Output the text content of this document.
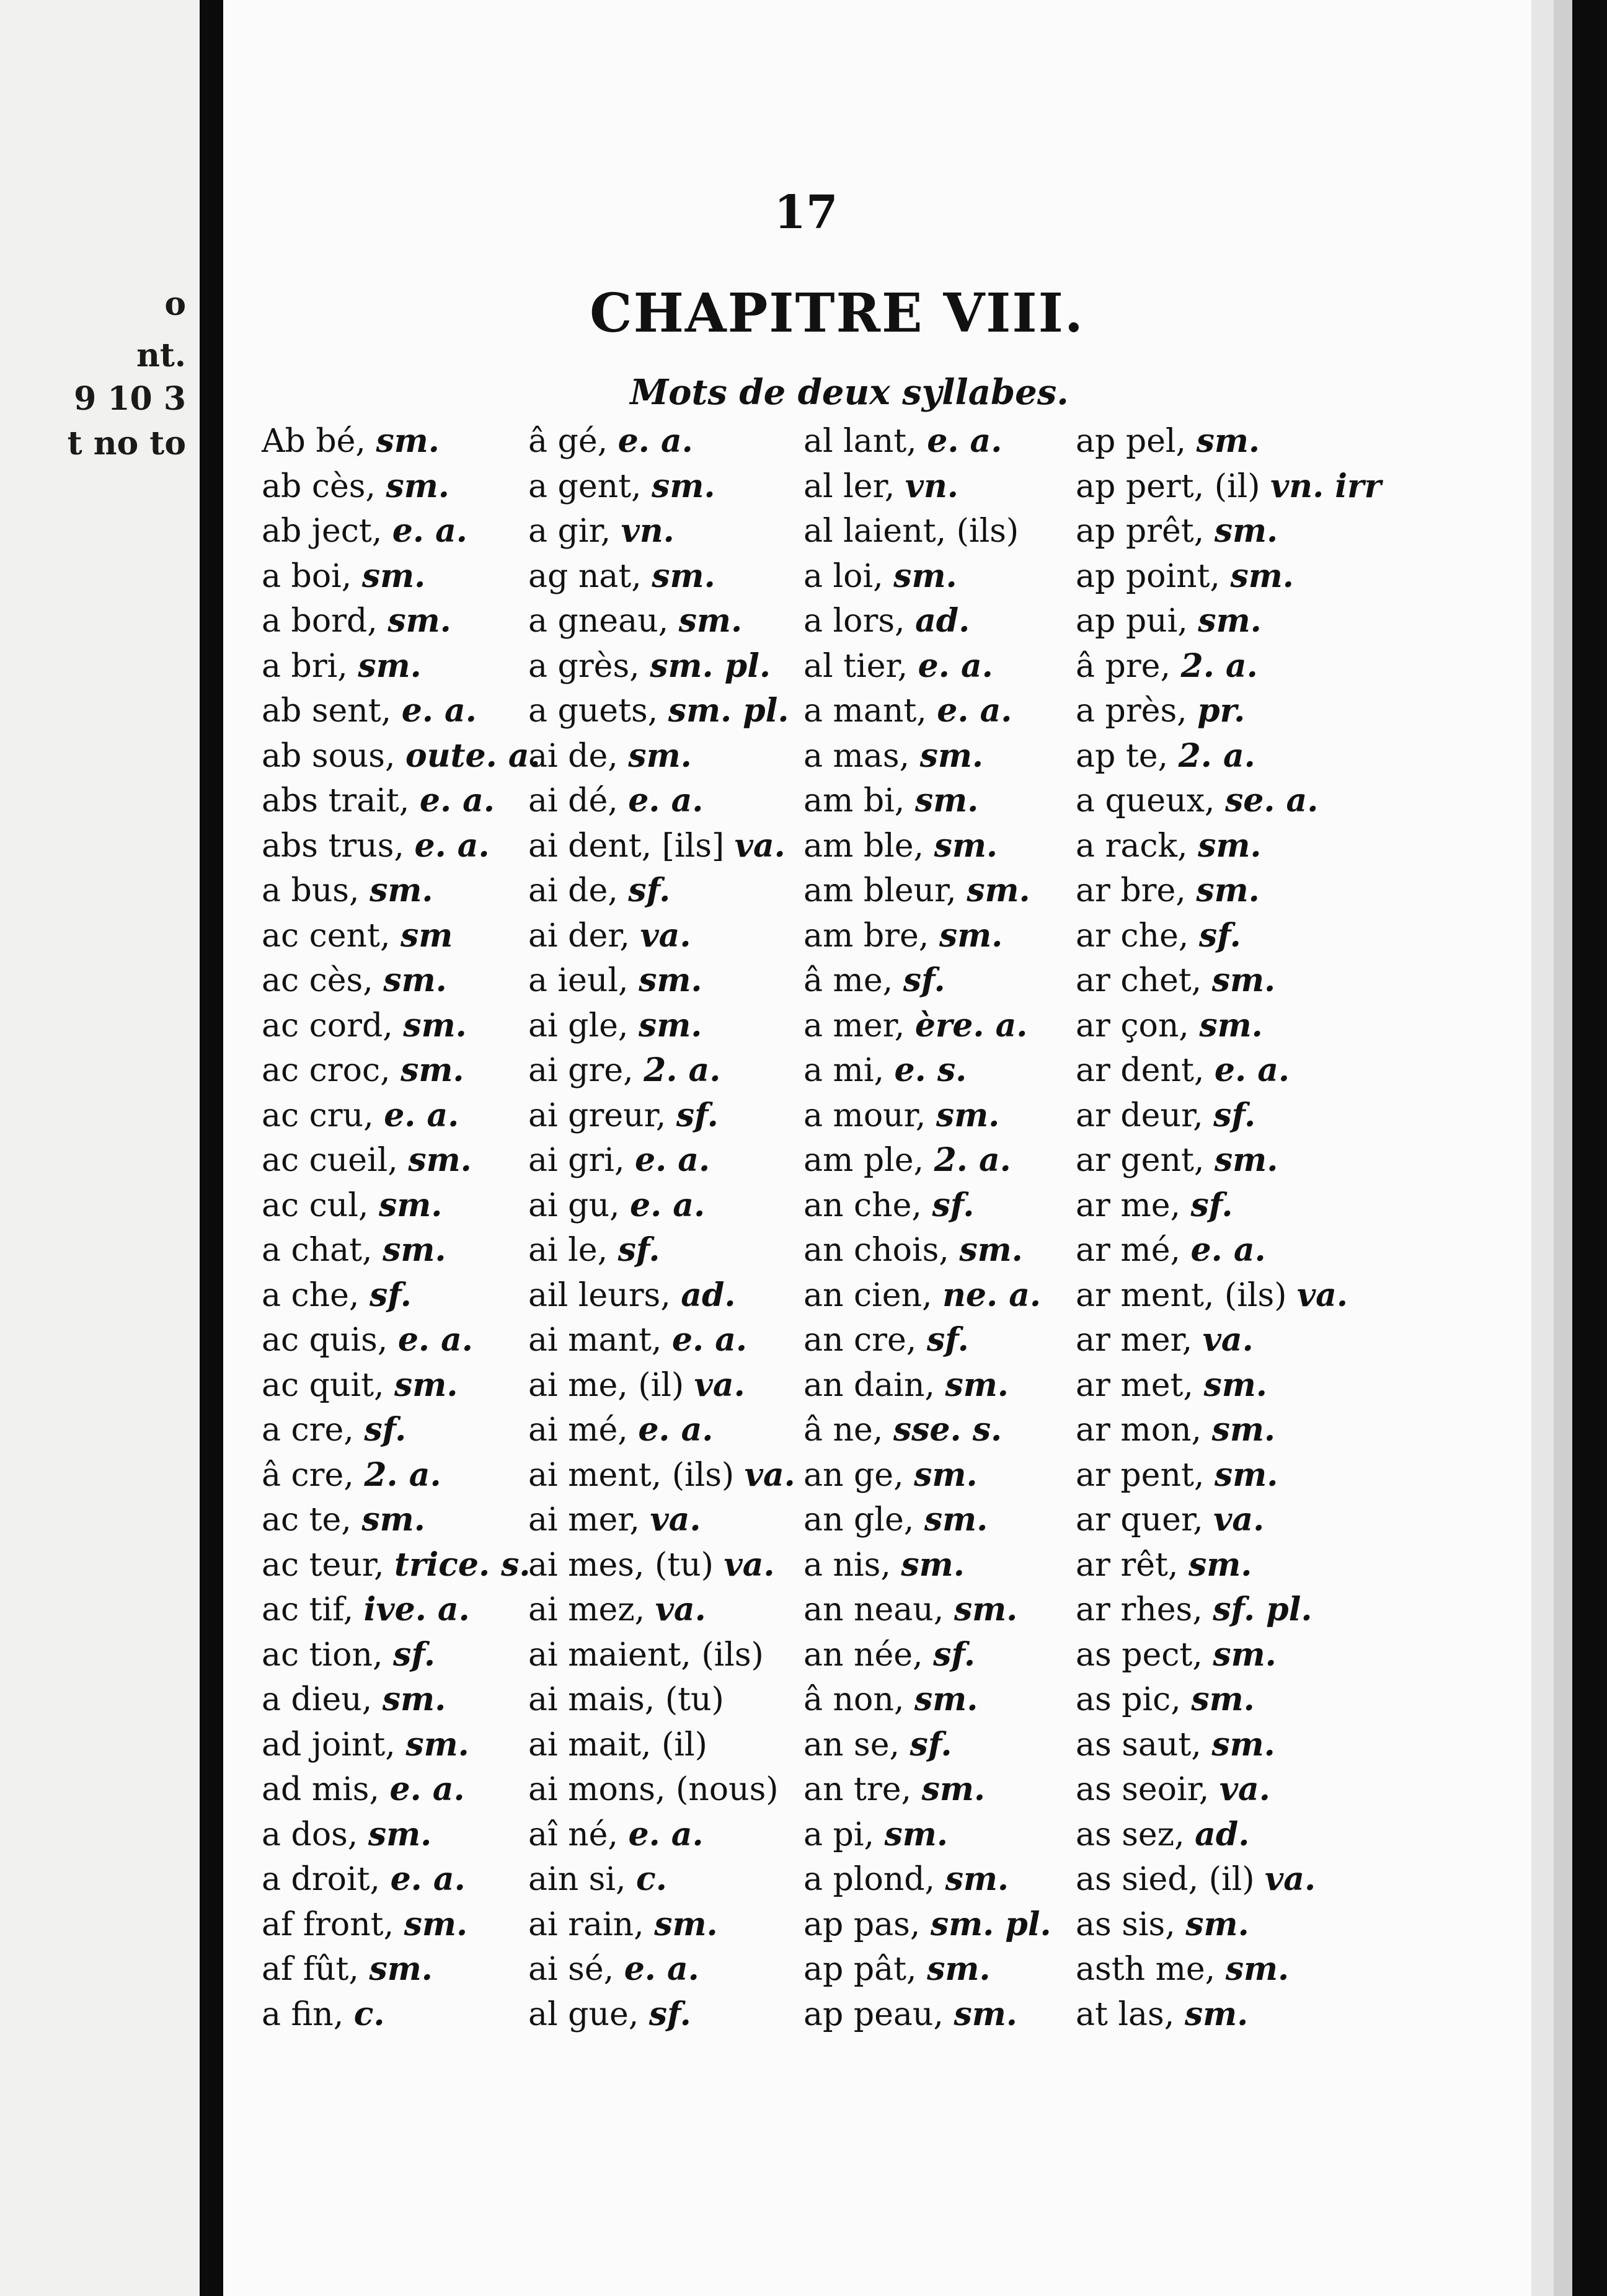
o
nt.
9 10 3
t no to
17
CHAPITRE VIII.
Mots de deux syllabes.
Ab bé, sm.
ab cès, sm.
ab ject, e. a.
a boi, sm.
a bord, sm.
a bri, sm.
ab sent, e. a.
ab sous, oute. a.
abs trait, e. a.
abs trus, e. a.
a bus, sm.
ac cent, sm
ac cès, sm.
ac cord, sm.
ac croc, sm.
ac cru, e. a.
ac cueil, sm.
ac cul, sm.
a chat, sm.
a che, sf.
ac quis, e. a.
ac quit, sm.
a cre, sf.
â cre, 2. a.
ac te, sm.
ac teur, trice. s.
ac tif, ive. a.
ac tion, sf.
a dieu, sm.
ad joint, sm.
ad mis, e. a.
a dos, sm.
a droit, e. a.
af front, sm.
af fût, sm.
a fin, c.
â gé, e. a.
a gent, sm.
a gir, vn.
ag nat, sm.
a gneau, sm.
a grès, sm. pl.
a guets, sm. pl.
ai de, sm.
ai dé, e. a.
ai dent, [ils] va.
ai de, sf.
ai der, va.
a ieul, sm.
ai gle, sm.
ai gre, 2. a.
ai greur, sf.
ai gri, e. a.
ai gu, e. a.
ai le, sf.
ail leurs, ad.
ai mant, e. a.
ai me, (il) va.
ai mé, e. a.
ai ment, (ils) va.
ai mer, va.
ai mes, (tu) va.
ai mez, va.
ai maient, (ils)
ai mais, (tu)
ai mait, (il)
ai mons, (nous)
aî né, e. a.
ain si, c.
ai rain, sm.
ai sé, e. a.
al gue, sf.
al lant, e. a.
al ler, vn.
al laient, (ils)
a loi, sm.
a lors, ad.
al tier, e. a.
a mant, e. a.
a mas, sm.
am bi, sm.
am ble, sm.
am bleur, sm.
am bre, sm.
â me, sf.
a mer, ère. a.
a mi, e. s.
a mour, sm.
am ple, 2. a.
an che, sf.
an chois, sm.
an cien, ne. a.
an cre, sf.
an dain, sm.
â ne, sse. s.
an ge, sm.
an gle, sm.
a nis, sm.
an neau, sm.
an née, sf.
â non, sm.
an se, sf.
an tre, sm.
a pi, sm.
a plond, sm.
ap pas, sm. pl.
ap pât, sm.
ap peau, sm.
ap pel, sm.
ap pert, (il) vn. irr
ap prêt, sm.
ap point, sm.
ap pui, sm.
â pre, 2. a.
a près, pr.
ap te, 2. a.
a queux, se. a.
a rack, sm.
ar bre, sm.
ar che, sf.
ar chet, sm.
ar çon, sm.
ar dent, e. a.
ar deur, sf.
ar gent, sm.
ar me, sf.
ar mé, e. a.
ar ment, (ils) va.
ar mer, va.
ar met, sm.
ar mon, sm.
ar pent, sm.
ar quer, va.
ar rêt, sm.
ar rhes, sf. pl.
as pect, sm.
as pic, sm.
as saut, sm.
as seoir, va.
as sez, ad.
as sied, (il) va.
as sis, sm.
asth me, sm.
at las, sm.
